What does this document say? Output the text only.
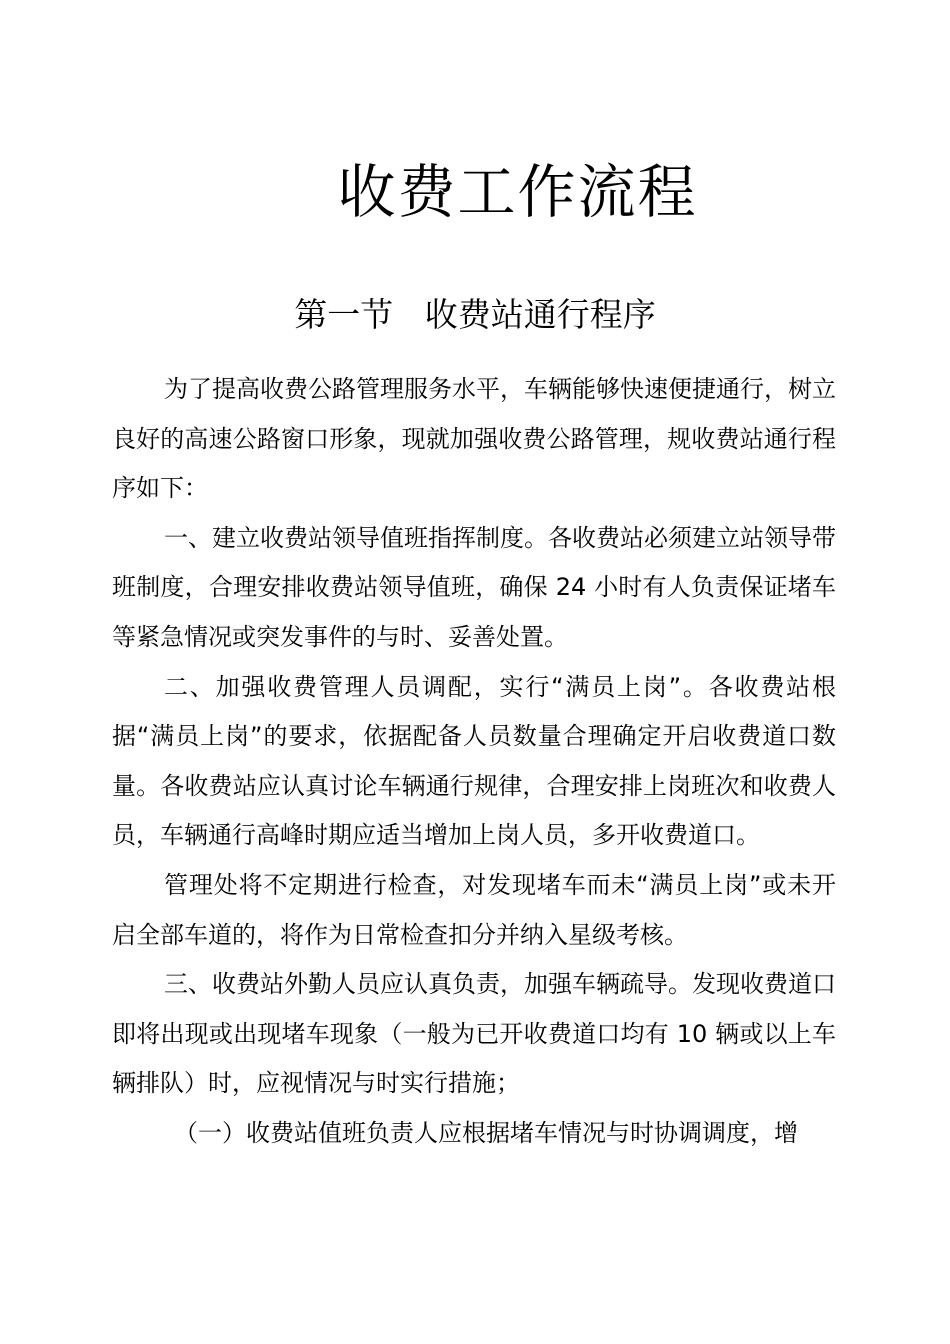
收费工作流程
第一节   收费站通行程序

为了提高收费公路管理服务水平，车辆能够快速便捷通行，树立良好的高速公路窗口形象，现就加强收费公路管理，规收费站通行程序如下：

一、建立收费站领导值班指挥制度。各收费站必须建立站领导带班制度，合理安排收费站领导值班，确保 24 小时有人负责保证堵车等紧急情况或突发事件的与时、妥善处置。

二、加强收费管理人员调配，实行“满员上岗”。各收费站根据“满员上岗”的要求，依据配备人员数量合理确定开启收费道口数量。各收费站应认真讨论车辆通行规律，合理安排上岗班次和收费人员，车辆通行高峰时期应适当增加上岗人员，多开收费道口。

管理处将不定期进行检查，对发现堵车而未“满员上岗”或未开启全部车道的，将作为日常检查扣分并纳入星级考核。

三、收费站外勤人员应认真负责，加强车辆疏导。发现收费道口即将出现或出现堵车现象（一般为已开收费道口均有 10 辆或以上车辆排队）时，应视情况与时实行措施；

（一）收费站值班负责人应根据堵车情况与时协调调度，增
